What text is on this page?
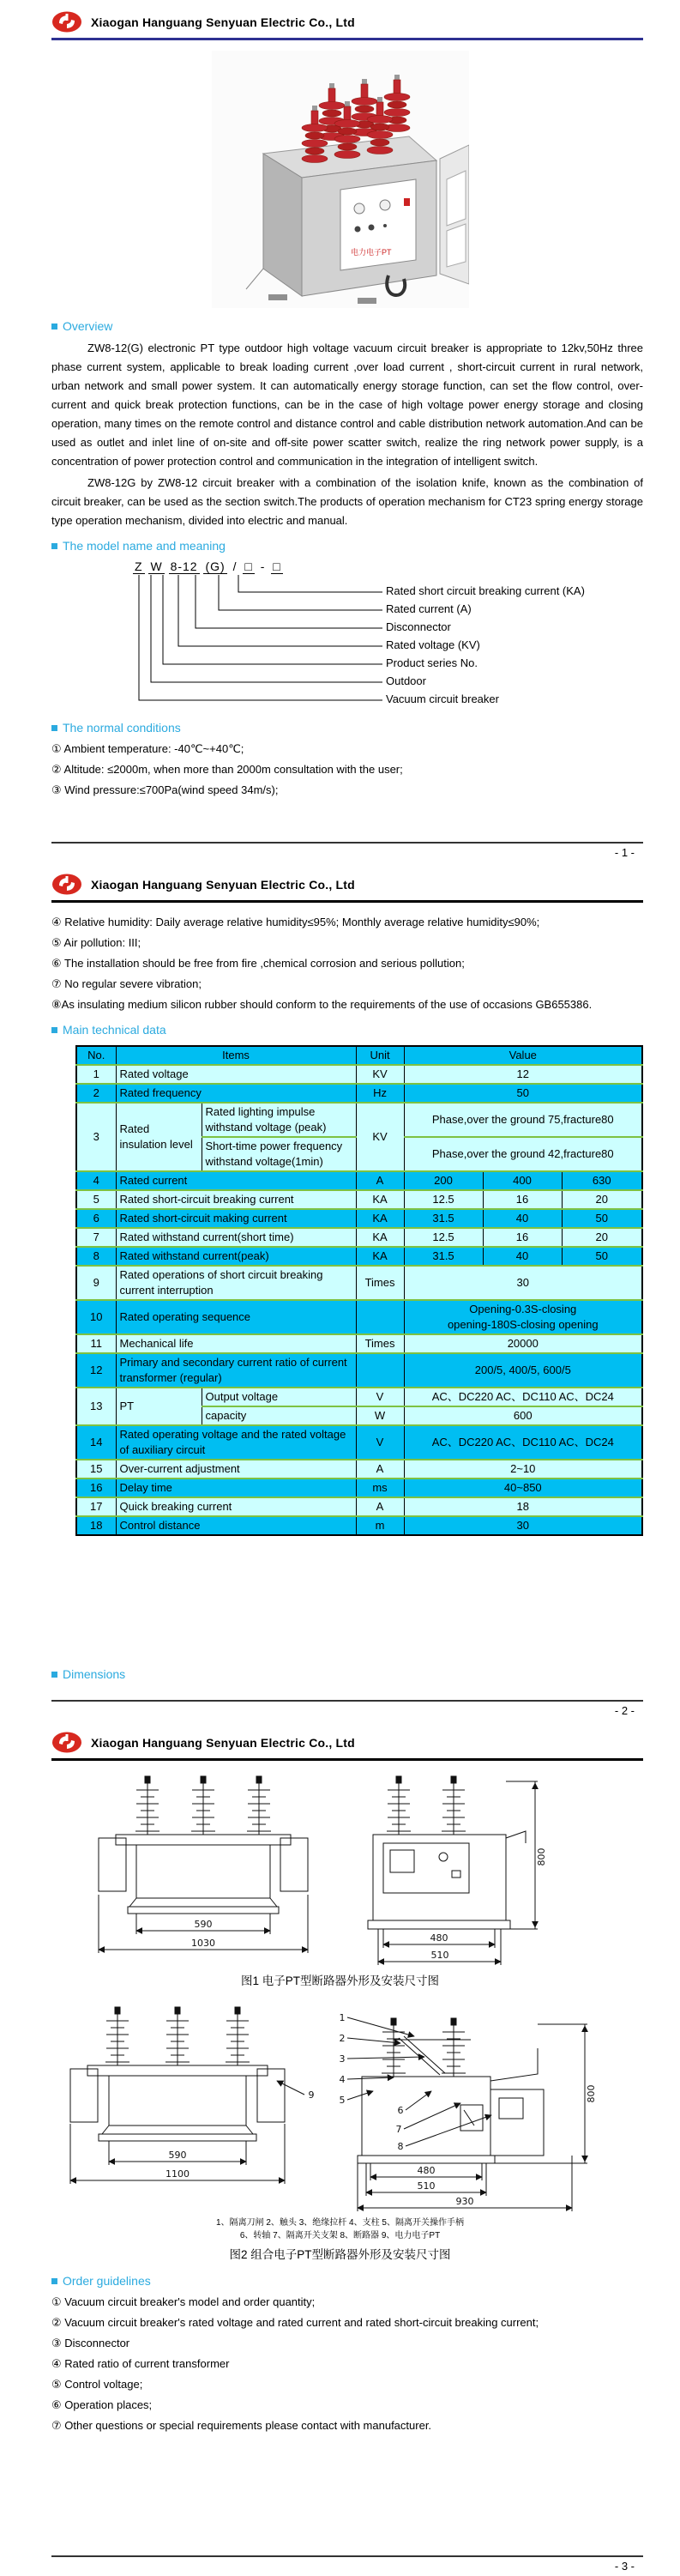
Xiaogan Hanguang Senyuan Electric Co., Ltd
电力电子PT
Overview

ZW8-12(G) electronic PT type outdoor high voltage vacuum circuit breaker is appropriate to 12kv,50Hz three phase current system, applicable to break loading current ,over load current , short-circuit current in rural network, urban network and small power system. It can automatically energy storage function, can set the flow control, over-current and quick break protection functions, can be in the case of high voltage power energy storage and closing operation, many times on the remote control and distance control and cable distribution network automation.And can be used as outlet and inlet line of on-site and off-site power scatter switch, realize the ring network power supply, is a concentration of power protection control and communication in the integration of intelligent switch.

ZW8-12G by ZW8-12 circuit breaker with a combination of the isolation knife, known as the combination of circuit breaker, can be used as the section switch.The products of operation mechanism for CT23 spring energy storage type operation mechanism, divided into electric and manual.

The model name and meaning
Z W 8-12 (G) / □ - □
Rated short circuit breaking current (KA)
Rated current (A)
Disconnector
Rated voltage (KV)
Product series No.
Outdoor
Vacuum circuit breaker
The normal conditions
① Ambient temperature: -40℃~+40℃;
② Altitude: ≤2000m, when more than 2000m consultation with the user;
③ Wind pressure:≤700Pa(wind speed 34m/s);
- 1 -
Xiaogan Hanguang Senyuan Electric Co., Ltd
④ Relative humidity: Daily average relative humidity≤95%; Monthly average relative humidity≤90%;
⑤ Air pollution: III;
⑥ The installation should be free from fire ,chemical corrosion and serious pollution;
⑦ No regular severe vibration;
⑧As insulating medium silicon rubber should conform to the requirements of the use of occasions GB655386.
Main technical data
No.	Items		Unit	Value		
1	Rated voltage		KV	12		
2	Rated frequency		Hz	50		
3	Rated insulation level	Rated lighting impulse withstand voltage (peak)	KV	Phase,over the ground 75,fracture80		
		Short-time power frequency withstand voltage(1min)		Phase,over the ground 42,fracture80		
4	Rated current		A	200	400	630
5	Rated short-circuit breaking current		KA	12.5	16	20
6	Rated short-circuit making current		KA	31.5	40	50
7	Rated withstand current(short time)		KA	12.5	16	20
8	Rated withstand current(peak)		KA	31.5	40	50
9	Rated operations of short circuit breaking current interruption		Times	30		
10	Rated operating sequence			Opening-0.3S-closing
opening-180S-closing opening		

11	Mechanical life		Times	20000		
12	Primary and secondary current ratio of current transformer (regular)			200/5, 400/5, 600/5		
13	PT	Output voltage	V	AC、DC220 AC、DC110 AC、DC24		
		capacity	W	600		
14	Rated operating voltage and the rated voltage of auxiliary circuit		V	AC、DC220 AC、DC110 AC、DC24		
15	Over-current adjustment		A	2~10		
16	Delay time		ms	40~850		
17	Quick breaking current		A	18		
18	Control distance		m	30		
Dimensions
- 2 -
Xiaogan Hanguang Senyuan Electric Co., Ltd
590
1030	480
510
800
图1 电子PT型断路器外形及安装尺寸图
590
1100	480
510
930
800
1
2
3
4
5
6
7
8
9
1、隔离刀闸 2、触头 3、绝缘拉杆 4、支柱 5、隔离开关操作手柄
6、转轴 7、隔离开关支架 8、断路器 9、电力电子PT
图2 组合电子PT型断路器外形及安装尺寸图
Order guidelines
① Vacuum circuit breaker's model and order quantity;
② Vacuum circuit breaker's rated voltage and rated current and rated short-circuit breaking current;
③ Disconnector
④ Rated ratio of current transformer
⑤ Control voltage;
⑥ Operation places;
⑦ Other questions or special requirements please contact with manufacturer.
- 3 -
